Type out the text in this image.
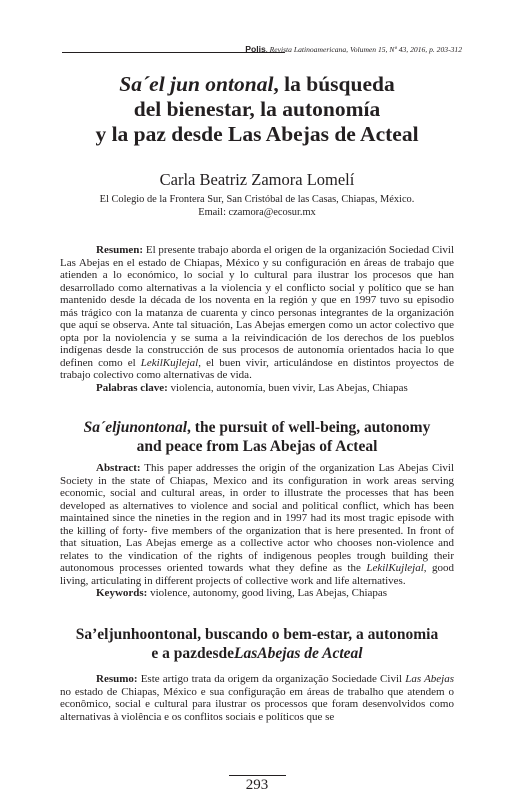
Polis, Revista Latinoamericana, Volumen 15, Nº 43, 2016, p. 203-312
Sa´el jun ontonal, la búsqueda
del bienestar, la autonomía
y la paz desde Las Abejas de Acteal
Carla Beatriz Zamora Lomelí
El Colegio de la Frontera Sur, San Cristóbal de las Casas, Chiapas, México.
Email: czamora@ecosur.mx
Resumen: El presente trabajo aborda el origen de la organización Sociedad Civil Las Abejas en el estado de Chiapas, México y su configuración en áreas de trabajo que atienden a lo económico, lo social y lo cultural para ilustrar los procesos que han desarrollado como alternativas a la violencia y el conflicto social y político que se han mantenido desde la década de los noventa en la región y que en 1997 tuvo su episodio más trágico con la matanza de cuarenta y cinco personas integrantes de la organización que aquí se observa. Ante tal situación, Las Abejas emergen como un actor colectivo que opta por la noviolencia y se suma a la reivindicación de los derechos de los pueblos indígenas desde la construcción de sus procesos de autonomía orientados hacia lo que definen como el LekilKujlejal, el buen vivir, articulándose en distintos proyectos de trabajo colectivo como alternativas de vida.
Palabras clave: violencia, autonomía, buen vivir, Las Abejas, Chiapas
Sa´eljunontonal, the pursuit of well-being, autonomy
and peace from Las Abejas of Acteal
Abstract: This paper addresses the origin of the organization Las Abejas Civil Society in the state of Chiapas, Mexico and its configuration in work areas serving economic, social and cultural areas, in order to illustrate the processes that has been developed as alternatives to violence and social and political conflict, which has been maintained since the nineties in the region and in 1997 had its most tragic episode with the killing of forty- five members of the organization that is here presented. In front of that situation, Las Abejas emerge as a collective actor who chooses non-violence and relates to the vindication of the rights of indigenous peoples trough building their autonomous processes oriented towards what they define as the LekilKujlejal, good living, articulating in different projects of collective work and life alternatives.
Keywords: violence, autonomy, good living, Las Abejas, Chiapas
Sa’eljunhoontonal, buscando o bem-estar, a autonomia
e a pazdesdeLasAbejas de Acteal
Resumo: Este artigo trata da origem da organização Sociedade Civil Las Abejas no estado de Chiapas, México e sua configuração em áreas de trabalho que atendem o econômico, social e cultural para ilustrar os processos que foram desenvolvidos como alternativas à violência e os conflitos sociais e políticos que se
293
